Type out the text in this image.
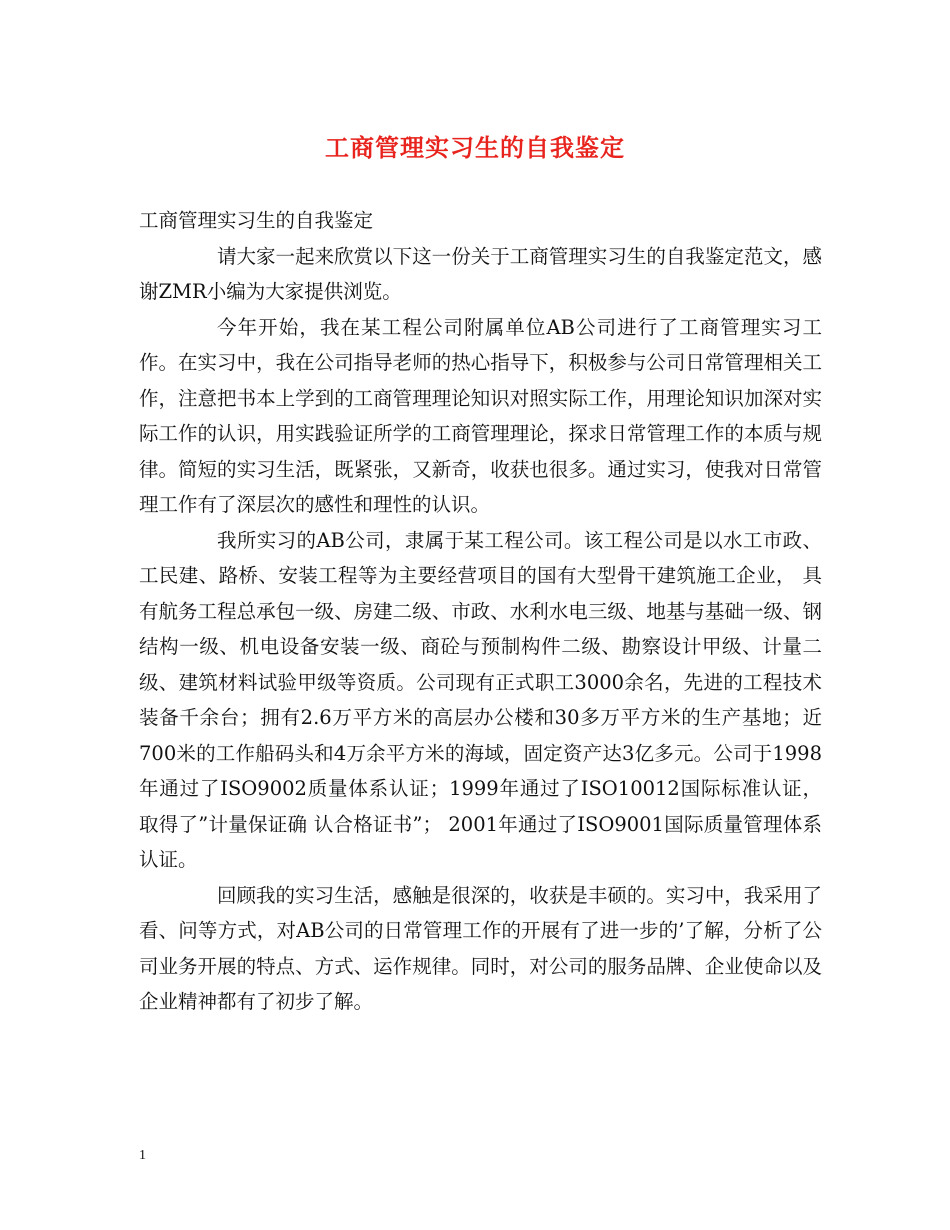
工商管理实习生的自我鉴定

工商管理实习生的自我鉴定

请大家一起来欣赏以下这一份关于工商管理实习生的自我鉴定范文，感谢ZMR小编为大家提供浏览。

今年开始，我在某工程公司附属单位AB公司进行了工商管理实习工作。在实习中，我在公司指导老师的热心指导下，积极参与公司日常管理相关工作，注意把书本上学到的工商管理理论知识对照实际工作，用理论知识加深对实际工作的认识，用实践验证所学的工商管理理论，探求日常管理工作的本质与规律。简短的实习生活，既紧张，又新奇，收获也很多。通过实习，使我对日常管理工作有了深层次的感性和理性的认识。

我所实习的AB公司，隶属于某工程公司。该工程公司是以水工市政、工民建、路桥、安装工程等为主要经营项目的国有大型骨干建筑施工企业， 具有航务工程总承包一级、房建二级、市政、水利水电三级、地基与基础一级、钢结构一级、机电设备安装一级、商砼与预制构件二级、勘察设计甲级、计量二级、建筑材料试验甲级等资质。公司现有正式职工3000余名，先进的工程技术装备千余台；拥有2.6万平方米的高层办公楼和30多万平方米的生产基地；近700米的工作船码头和4万余平方米的海域，固定资产达3亿多元。公司于1998年通过了ISO9002质量体系认证；1999年通过了ISO10012国际标准认证，取得了”计量保证确 认合格证书”； 2001年通过了ISO9001国际质量管理体系认证。

回顾我的实习生活，感触是很深的，收获是丰硕的。实习中，我采用了看、问等方式，对AB公司的日常管理工作的开展有了进一步的’了解，分析了公司业务开展的特点、方式、运作规律。同时，对公司的服务品牌、企业使命以及企业精神都有了初步了解。

1
